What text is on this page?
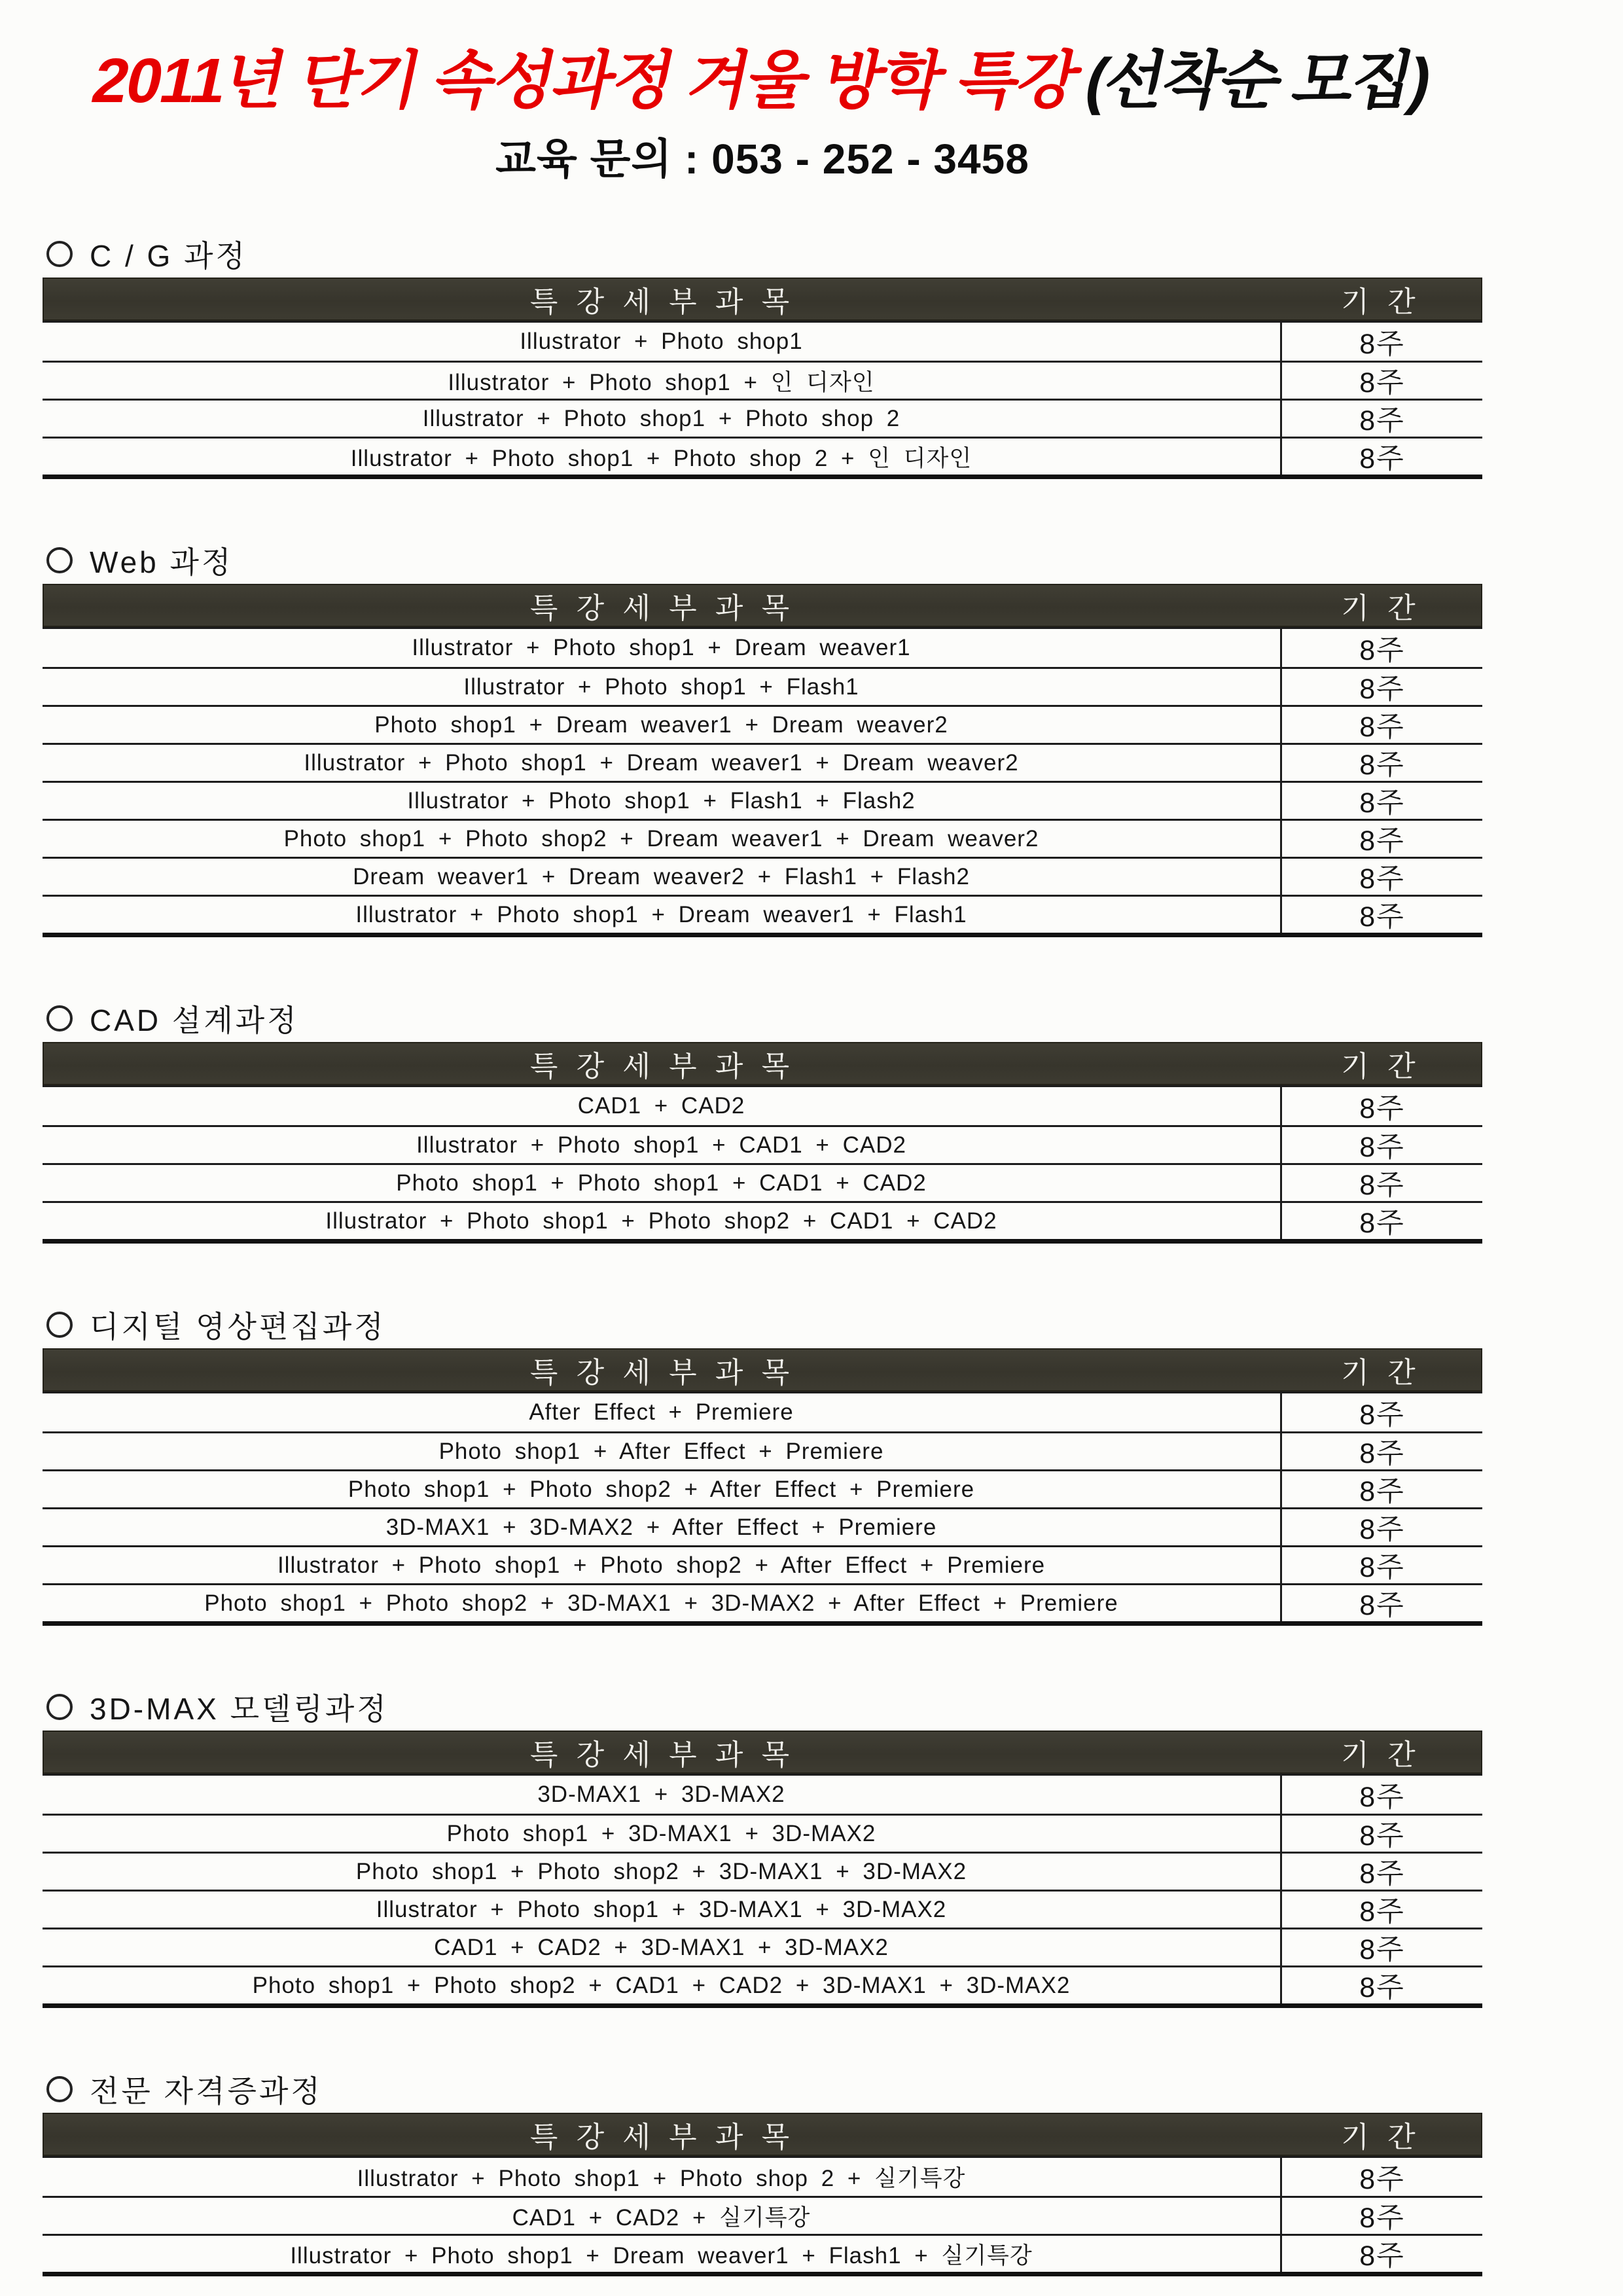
2011년 단기 속성과정 겨울 방학 특강
(선착순 모집)
교육 문의 : 053 - 252 - 3458
C / G 과정
특 강 세 부 과 목	기 간
Illustrator + Photo shop1	8주
Illustrator + Photo shop1 + 인 디자인	8주
Illustrator + Photo shop1 + Photo shop 2	8주
Illustrator + Photo shop1 + Photo shop 2 + 인 디자인	8주
Web 과정
특 강 세 부 과 목	기 간
Illustrator + Photo shop1 + Dream weaver1	8주
Illustrator + Photo shop1 + Flash1	8주
Photo shop1 + Dream weaver1 + Dream weaver2	8주
Illustrator + Photo shop1 + Dream weaver1 + Dream weaver2	8주
Illustrator + Photo shop1 + Flash1 + Flash2	8주
Photo shop1 + Photo shop2 + Dream weaver1 + Dream weaver2	8주
Dream weaver1 + Dream weaver2 + Flash1 + Flash2	8주
Illustrator + Photo shop1 + Dream weaver1 + Flash1	8주
CAD 설계과정
특 강 세 부 과 목	기 간
CAD1 + CAD2	8주
Illustrator + Photo shop1 + CAD1 + CAD2	8주
Photo shop1 + Photo shop1 + CAD1 + CAD2	8주
Illustrator + Photo shop1 + Photo shop2 + CAD1 + CAD2	8주
디지털 영상편집과정
특 강 세 부 과 목	기 간
After Effect + Premiere	8주
Photo shop1 + After Effect + Premiere	8주
Photo shop1 + Photo shop2 + After Effect + Premiere	8주
3D-MAX1 + 3D-MAX2 + After Effect + Premiere	8주
Illustrator + Photo shop1 + Photo shop2 + After Effect + Premiere	8주
Photo shop1 + Photo shop2 + 3D-MAX1 + 3D-MAX2 + After Effect + Premiere	8주
3D-MAX 모델링과정
특 강 세 부 과 목	기 간
3D-MAX1 + 3D-MAX2	8주
Photo shop1 + 3D-MAX1 + 3D-MAX2	8주
Photo shop1 + Photo shop2 + 3D-MAX1 + 3D-MAX2	8주
Illustrator + Photo shop1 + 3D-MAX1 + 3D-MAX2	8주
CAD1 + CAD2 + 3D-MAX1 + 3D-MAX2	8주
Photo shop1 + Photo shop2 + CAD1 + CAD2 + 3D-MAX1 + 3D-MAX2	8주
전문 자격증과정
특 강 세 부 과 목	기 간
Illustrator + Photo shop1 + Photo shop 2 + 실기특강	8주
CAD1 + CAD2 + 실기특강	8주
Illustrator + Photo shop1 + Dream weaver1 + Flash1 + 실기특강	8주
